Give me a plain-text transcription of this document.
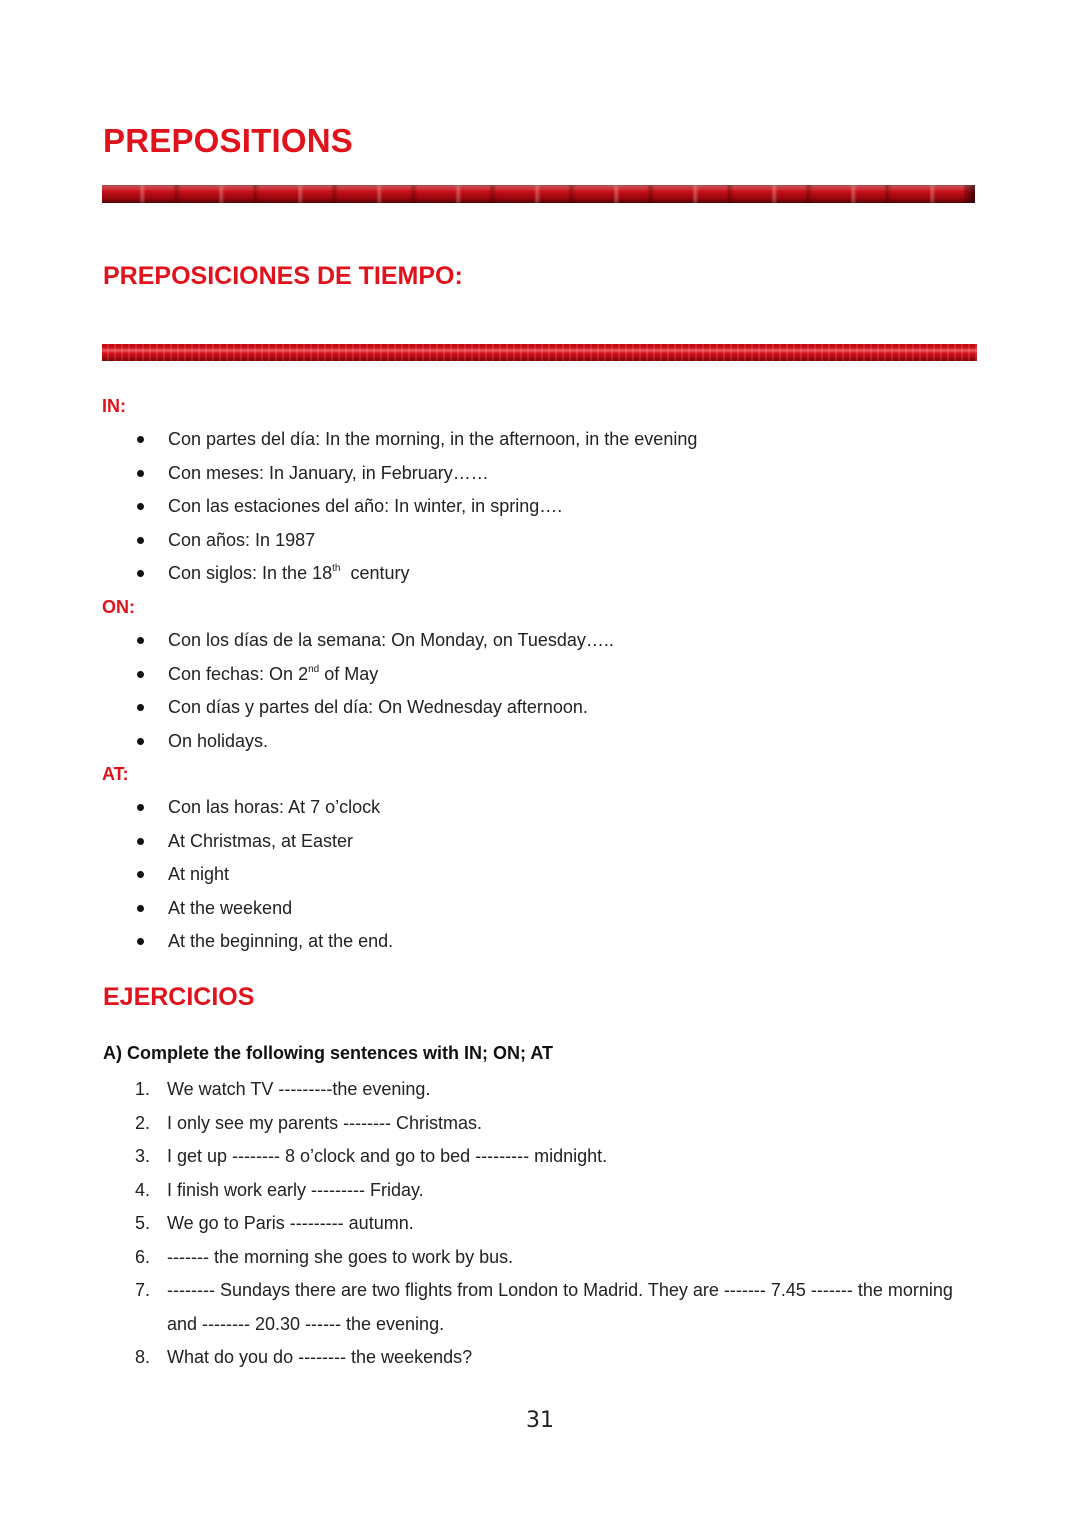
PREPOSITIONS
PREPOSICIONES DE TIEMPO:
IN:
Con partes del día: In the morning, in the afternoon, in the evening
Con meses: In January, in February……
Con las estaciones del año: In winter, in spring….
Con años: In 1987
Con siglos: In the 18th  century
ON:
Con los días de la semana: On Monday, on Tuesday…..
Con fechas: On 2nd of May
Con días y partes del día: On Wednesday afternoon.
On holidays.
AT:
Con las horas: At 7 o’clock
At Christmas, at Easter
At night
At the weekend
At the beginning, at the end.
EJERCICIOS
A) Complete the following sentences with IN; ON; AT
1. We watch TV ---------the evening.
2. I only see my parents -------- Christmas.
3. I get up -------- 8 o’clock and go to bed --------- midnight.
4. I finish work early --------- Friday.
5. We go to Paris --------- autumn.
6. ------- the morning she goes to work by bus.
7. -------- Sundays there are two flights from London to Madrid. They are ------- 7.45 ------- the morning and -------- 20.30 ------ the evening.
8. What do you do -------- the weekends?
31
